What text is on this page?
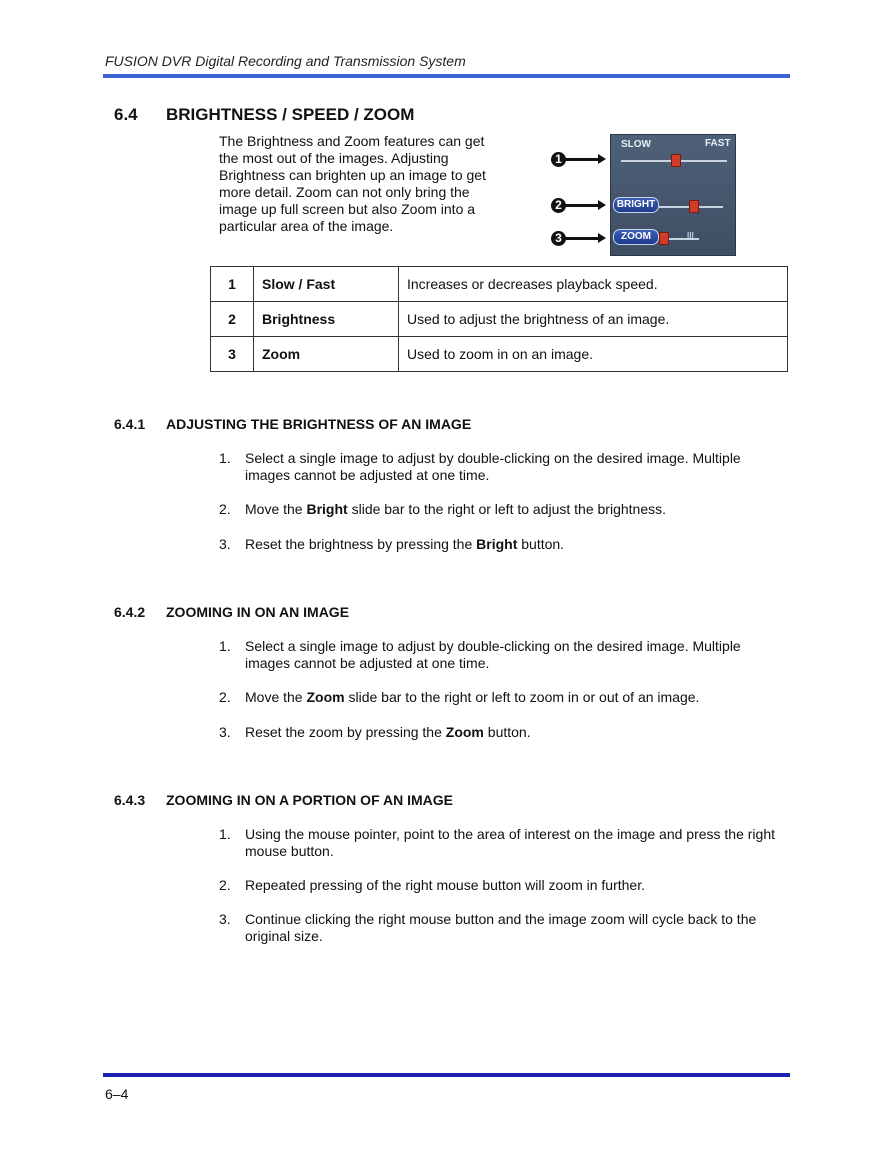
FUSION DVR Digital Recording and Transmission System
6.4 BRIGHTNESS / SPEED / ZOOM

The Brightness and Zoom features can get the most out of the images. Adjusting Brightness can brighten up an image to get more detail. Zoom can not only bring the image up full screen but also Zoom into a particular area of the image.

SLOW	FAST
BRIGHT
ZOOM	|||
1
2
3
1	Slow / Fast	Increases or decreases playback speed.
2	Brightness	Used to adjust the brightness of an image.
3	Zoom	Used to zoom in on an image.
6.4.1 ADJUSTING THE BRIGHTNESS OF AN IMAGE
1. Select a single image to adjust by double-clicking on the desired image. Multiple images cannot be adjusted at one time.
2. Move the Bright slide bar to the right or left to adjust the brightness.
3. Reset the brightness by pressing the Bright button.
6.4.2 ZOOMING IN ON AN IMAGE
1. Select a single image to adjust by double-clicking on the desired image. Multiple images cannot be adjusted at one time.
2. Move the Zoom slide bar to the right or left to zoom in or out of an image.
3. Reset the zoom by pressing the Zoom button.
6.4.3 ZOOMING IN ON A PORTION OF AN IMAGE
1. Using the mouse pointer, point to the area of interest on the image and press the right mouse button.
2. Repeated pressing of the right mouse button will zoom in further.
3. Continue clicking the right mouse button and the image zoom will cycle back to the original size.
6–4
